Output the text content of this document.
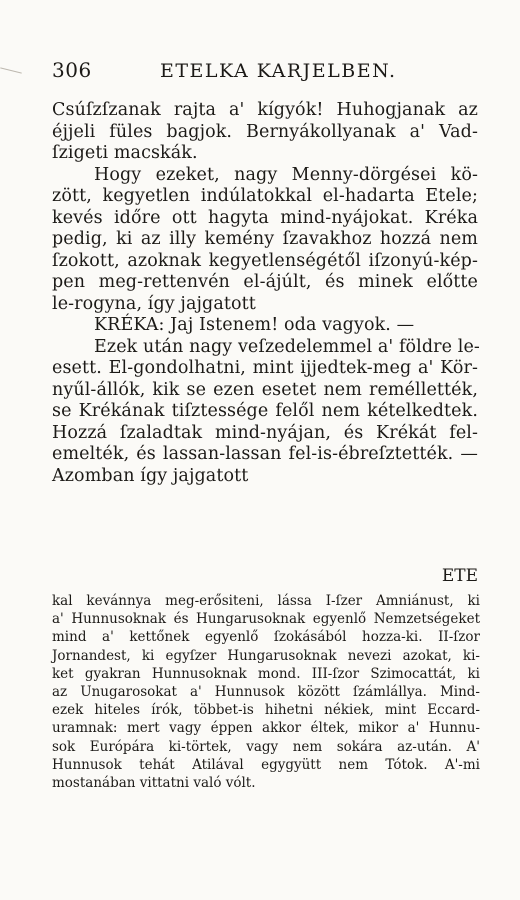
306	ETELKA KARJELBEN.
Csúſzſzanak rajta a' kígyók! Huhogjanak az
éjjeli füles bagjok. Bernyákollyanak a' Vad-
ſzigeti macskák.
Hogy ezeket, nagy Menny-dörgései kö-
zött, kegyetlen indúlatokkal el-hadarta Etele;
kevés időre ott hagyta mind-nyájokat. Kréka
pedig, ki az illy kemény ſzavakhoz hozzá nem
ſzokott, azoknak kegyetlenségétől iſzonyú-kép-
pen meg-rettenvén el-ájúlt, és minek előtte
le-rogyna, így jajgatott
KRÉKA: Jaj Istenem! oda vagyok. —
Ezek után nagy veſzedelemmel a' földre le-
esett. El-gondolhatni, mint ijjedtek-meg a' Kör-
nyűl-állók, kik se ezen esetet nem reméllették,
se Krékának tiſztessége felől nem kételkedtek.
Hozzá ſzaladtak mind-nyájan, és Krékát fel-
emelték, és lassan-lassan fel-is-ébreſztették. —
Azomban így jajgatott
ETE
kal kevánnya meg-erősiteni, lássa I-ſzer Amniánust, ki
a' Hunnusoknak és Hungarusoknak egyenlő Nemzetségeket
mind a' kettőnek egyenlő ſzokásából hozza-ki. II-ſzor
Jornandest, ki egyſzer Hungarusoknak nevezi azokat, ki-
ket gyakran Hunnusoknak mond. III-ſzor Szimocattát, ki
az Unugarosokat a' Hunnusok között ſzámlállya. Mind-
ezek hiteles írók, többet-is hihetni nékiek, mint Eccard-
uramnak: mert vagy éppen akkor éltek, mikor a' Hunnu-
sok Európára ki-törtek, vagy nem sokára az-után. A'
Hunnusok tehát Atilával egygyütt nem Tótok. A'-mi
mostanában vittatni való vólt.
